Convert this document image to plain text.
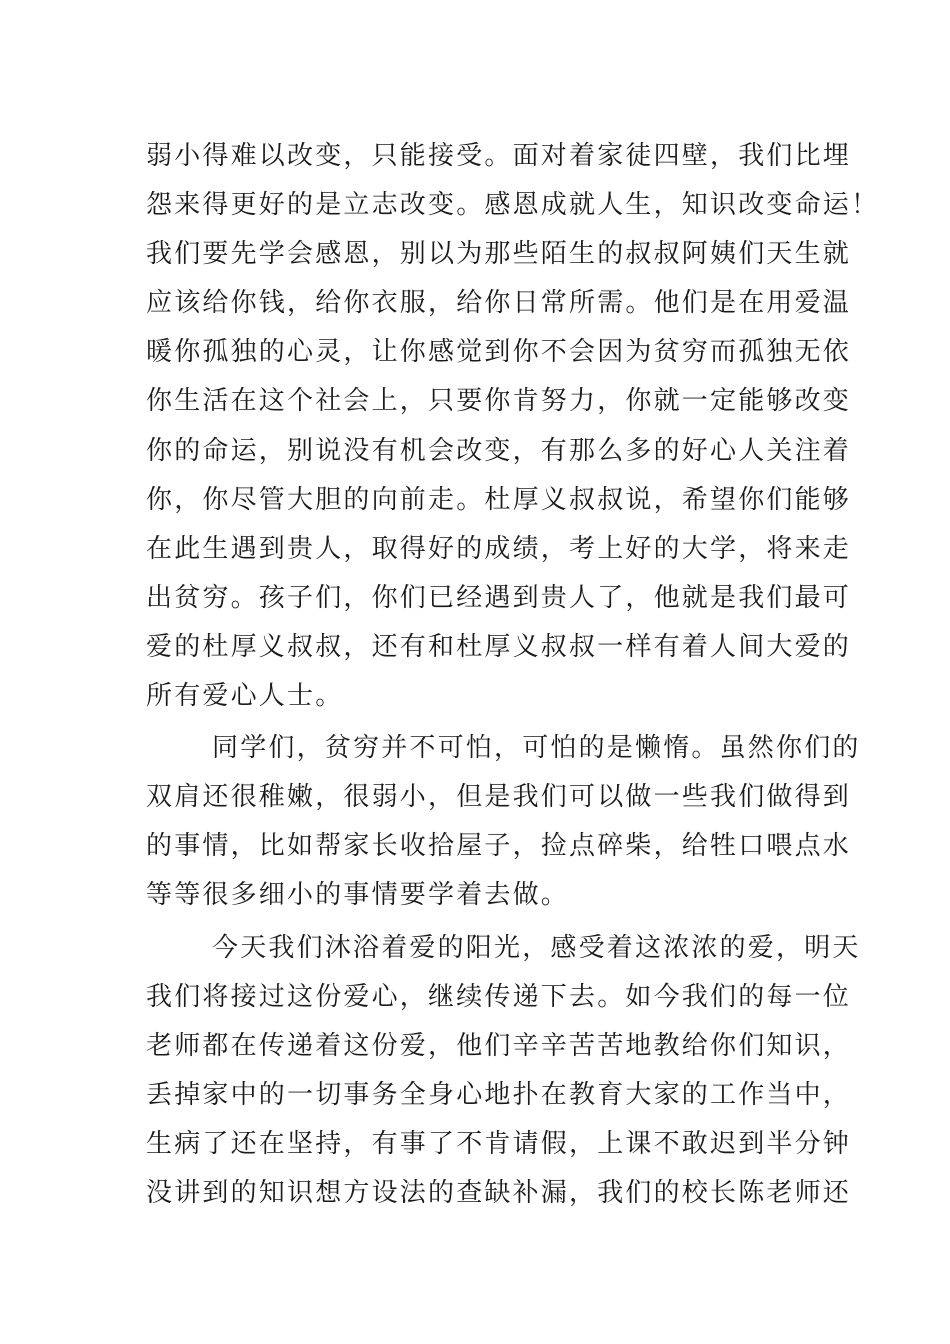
弱小得难以改变，只能接受。面对着家徒四壁，我们比埋
怨来得更好的是立志改变。感恩成就人生，知识改变命运！
我们要先学会感恩，别以为那些陌生的叔叔阿姨们天生就
应该给你钱，给你衣服，给你日常所需。他们是在用爱温
暖你孤独的心灵，让你感觉到你不会因为贫穷而孤独无依
你生活在这个社会上，只要你肯努力，你就一定能够改变
你的命运，别说没有机会改变，有那么多的好心人关注着
你，你尽管大胆的向前走。杜厚义叔叔说，希望你们能够
在此生遇到贵人，取得好的成绩，考上好的大学，将来走
出贫穷。孩子们，你们已经遇到贵人了，他就是我们最可
爱的杜厚义叔叔，还有和杜厚义叔叔一样有着人间大爱的
所有爱心人士。
同学们，贫穷并不可怕，可怕的是懒惰。虽然你们的
双肩还很稚嫩，很弱小，但是我们可以做一些我们做得到
的事情，比如帮家长收拾屋子，捡点碎柴，给牲口喂点水
等等很多细小的事情要学着去做。
今天我们沐浴着爱的阳光，感受着这浓浓的爱，明天
我们将接过这份爱心，继续传递下去。如今我们的每一位
老师都在传递着这份爱，他们辛辛苦苦地教给你们知识，
丢掉家中的一切事务全身心地扑在教育大家的工作当中，
生病了还在坚持，有事了不肯请假，上课不敢迟到半分钟
没讲到的知识想方设法的查缺补漏，我们的校长陈老师还
